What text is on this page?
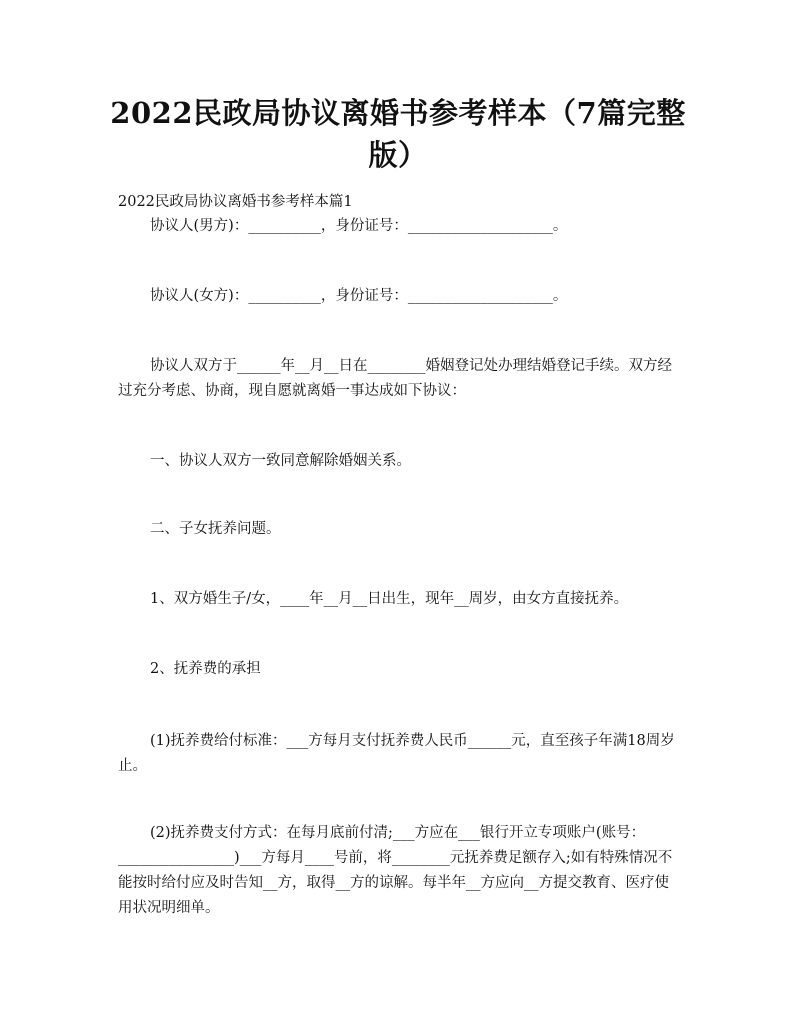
2022民政局协议离婚书参考样本（7篇完整版）
2022民政局协议离婚书参考样本篇1
协议人(男方)：__________，身份证号：____________________。
协议人(女方)：__________，身份证号：____________________。
协议人双方于______年__月__日在________婚姻登记处办理结婚登记手续。双方经过充分考虑、协商，现自愿就离婚一事达成如下协议：
一、协议人双方一致同意解除婚姻关系。
二、子女抚养问题。
1、双方婚生子/女，____年__月__日出生，现年__周岁，由女方直接抚养。
2、抚养费的承担
(1)抚养费给付标准：___方每月支付抚养费人民币______元，直至孩子年满18周岁止。
(2)抚养费支付方式：在每月底前付清;___方应在___银行开立专项账户(账号：________________)___方每月____号前，将________元抚养费足额存入;如有特殊情况不能按时给付应及时告知__方，取得__方的谅解。每半年__方应向__方提交教育、医疗使用状况明细单。
